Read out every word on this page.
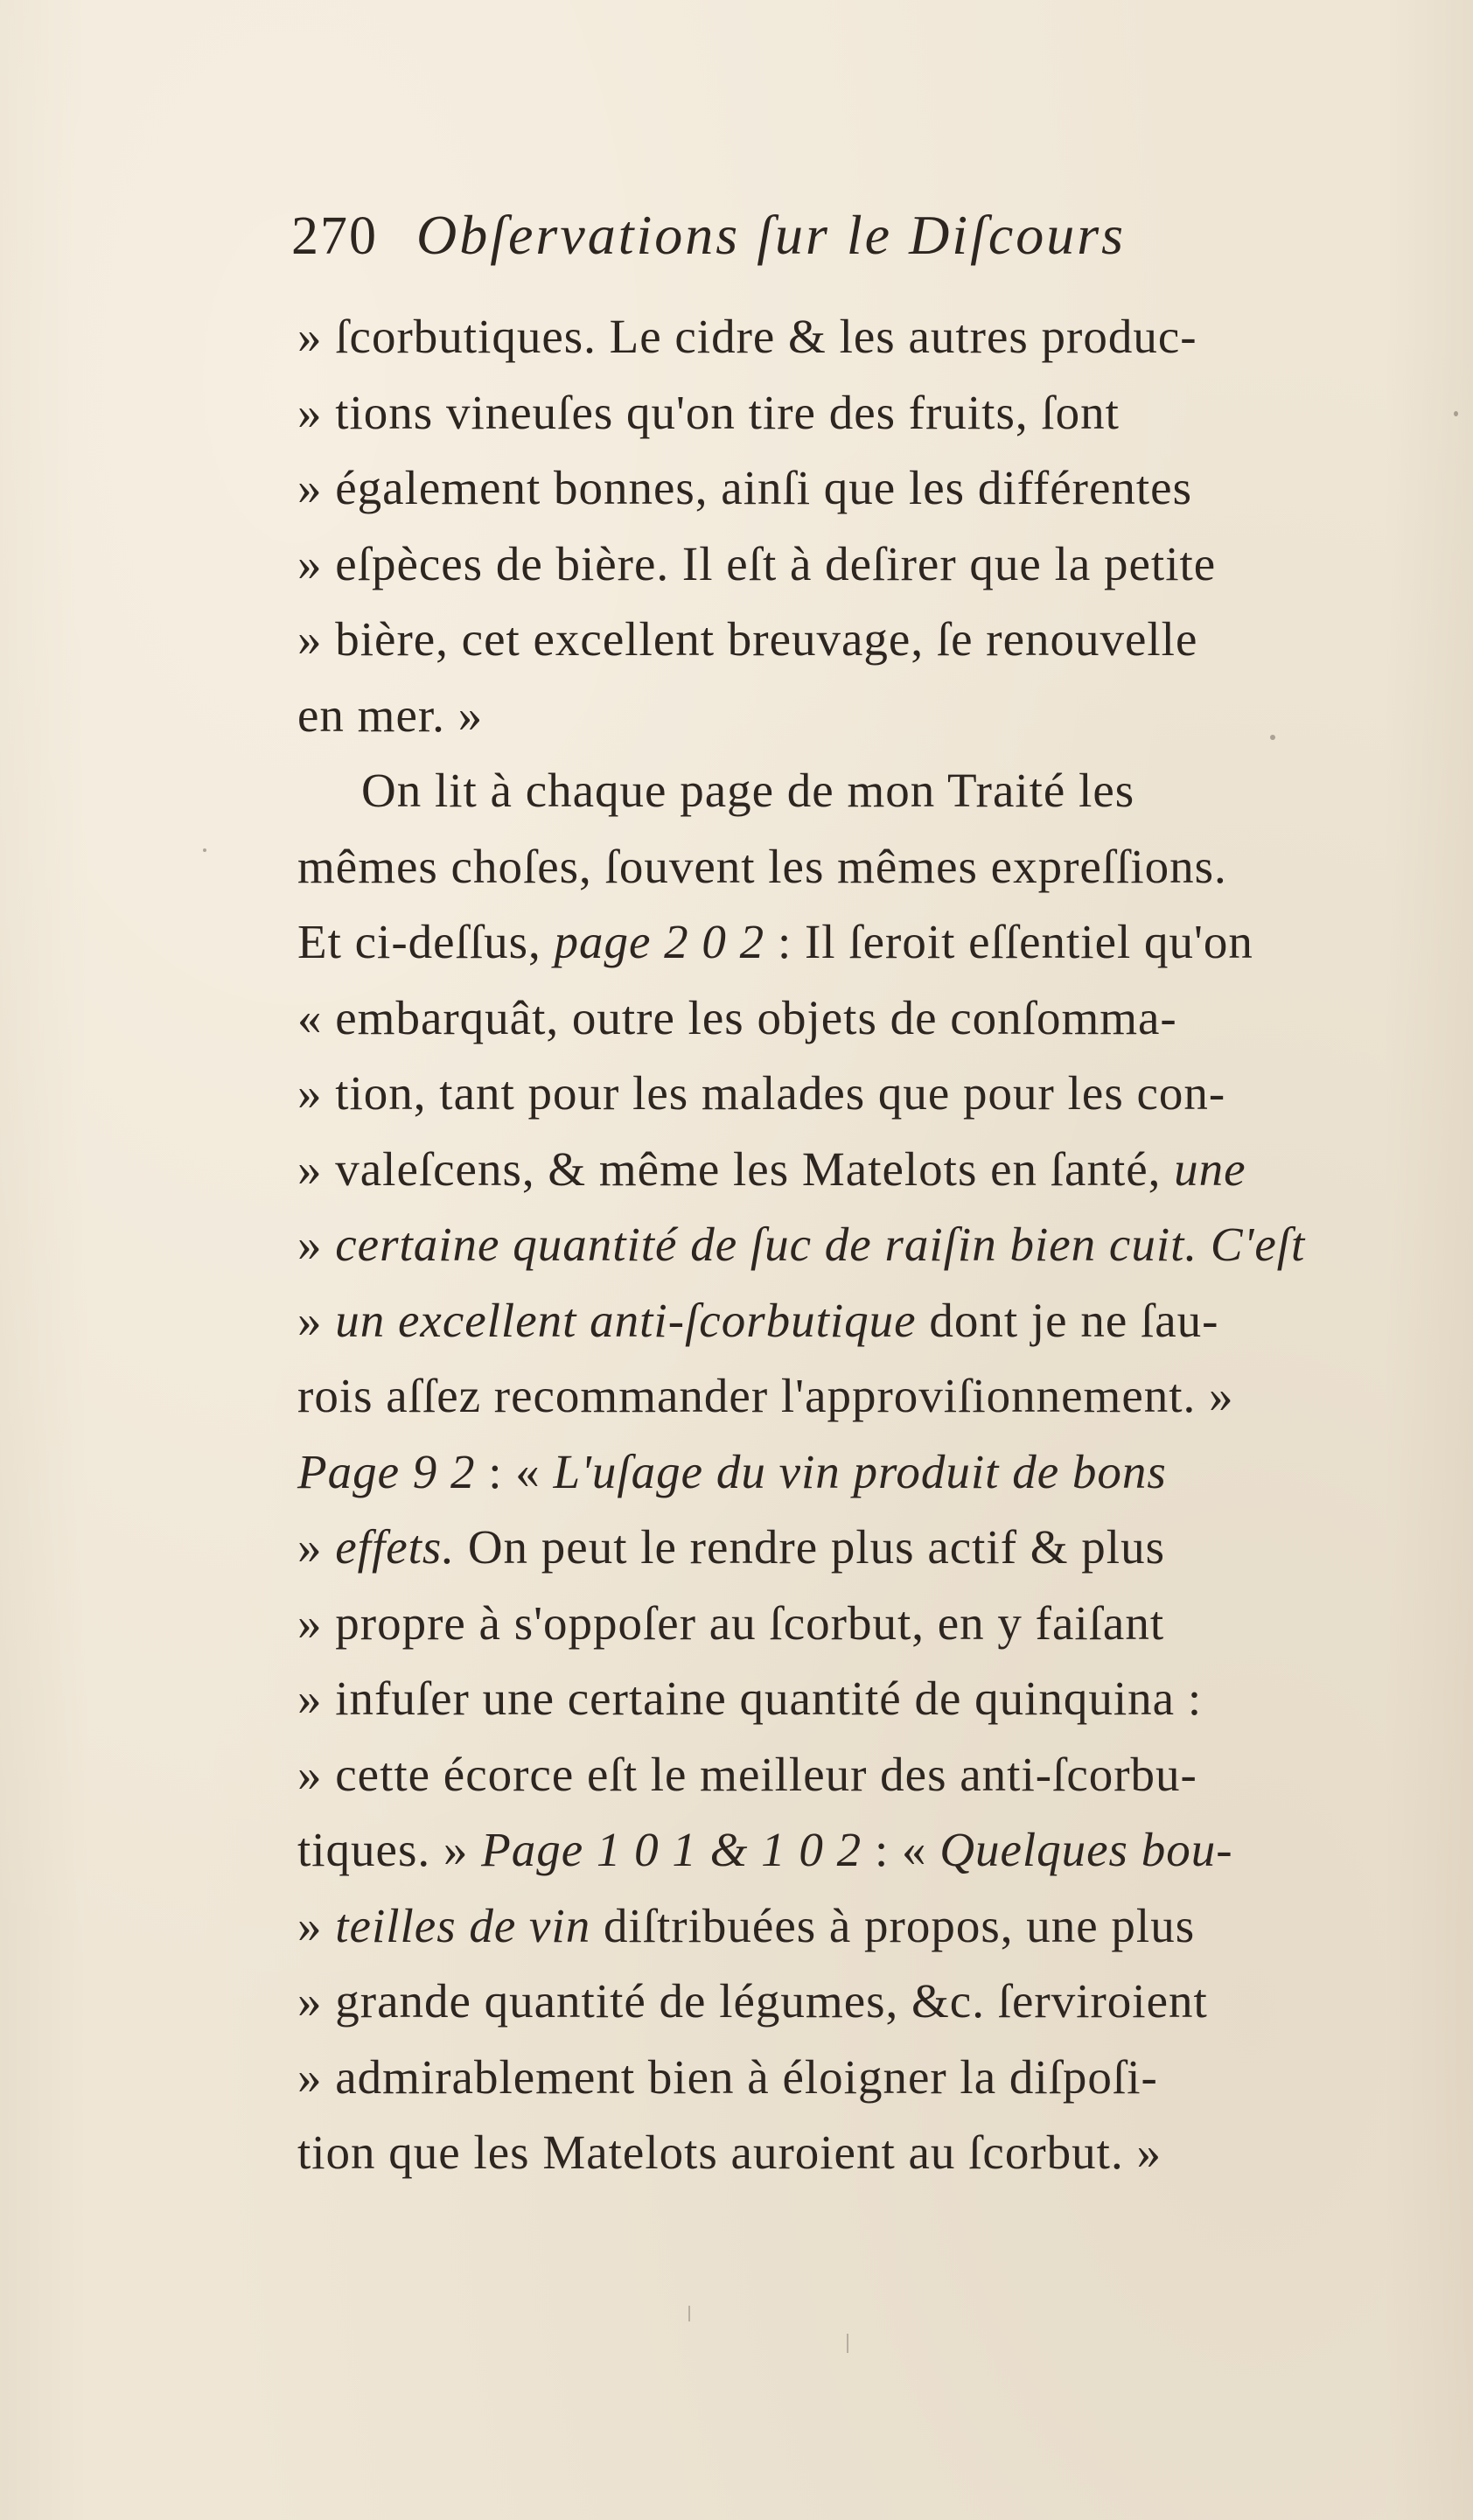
270 Obſervations ſur le Diſcours
» ſcorbutiques. Le cidre & les autres produc-
» tions vineuſes qu'on tire des fruits, ſont
» également bonnes, ainſi que les différentes
» eſpèces de bière. Il eſt à deſirer que la petite
» bière, cet excellent breuvage, ſe renouvelle
en mer. »
On lit à chaque page de mon Traité les
mêmes choſes, ſouvent les mêmes expreſſions.
Et ci-deſſus, page 2 0 2 : Il ſeroit eſſentiel qu'on
« embarquât, outre les objets de conſomma-
» tion, tant pour les malades que pour les con-
» valeſcens, & même les Matelots en ſanté, une
» certaine quantité de ſuc de raiſin bien cuit. C'eſt
» un excellent anti-ſcorbutique dont je ne ſau-
rois aſſez recommander l'approviſionnement. »
Page 9 2 : « L'uſage du vin produit de bons
» effets. On peut le rendre plus actif & plus
» propre à s'oppoſer au ſcorbut, en y faiſant
» infuſer une certaine quantité de quinquina :
» cette écorce eſt le meilleur des anti-ſcorbu-
tiques. » Page 1 0 1 & 1 0 2 : « Quelques bou-
» teilles de vin diſtribuées à propos, une plus
» grande quantité de légumes, &c. ſerviroient
» admirablement bien à éloigner la diſpoſi-
tion que les Matelots auroient au ſcorbut. »
